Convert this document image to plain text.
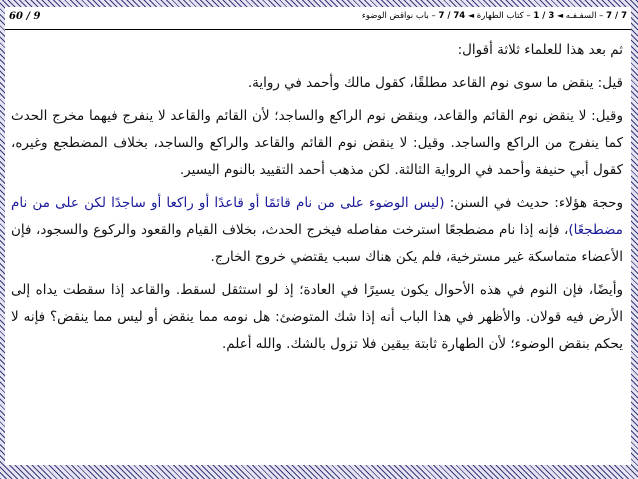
60 / 9	7 / 7 – السفـفـه ◄ 3 / 1 – كتاب الطهارة ◄ 74 / 7 – باب نواقض الوضوء

ثم بعد هذا للعلماء ثلاثة أقوال:

قيل: ينقض ما سوى نوم القاعد مطلقًا، كقول مالك وأحمد في رواية.

وقيل: لا ينقض نوم القائم والقاعد، وينقض نوم الراكع والساجد؛ لأن القائم والقاعد لا ينفرج فيهما مخرج الحدث كما ينفرج من الراكع والساجد. وقيل: لا ينقض نوم القائم والقاعد والراكع والساجد، بخلاف المضطجع وغيره، كقول أبي حنيفة وأحمد في الرواية الثالثة. لكن مذهب أحمد التقييد بالنوم اليسير.

وحجة هؤلاء: حديث في السنن: (ليس الوضوء على من نام قائمًا أو قاعدًا أو راكعا أو ساجدًا لكن على من نام مضطجعًا)، فإنه إذا نام مضطجعًا استرخت مفاصله فيخرج الحدث، بخلاف القيام والقعود والركوع والسجود، فإن الأعضاء متماسكة غير مسترخية، فلم يكن هناك سبب يقتضي خروج الخارج.

وأيضًا، فإن النوم في هذه الأحوال يكون يسيرًا في العادة؛ إذ لو استثقل لسقط. والقاعد إذا سقطت يداه إلى الأرض فيه قولان. والأظهر في هذا الباب أنه إذا شك المتوضئ: هل نومه مما ينقض أو ليس مما ينقض؟ فإنه لا يحكم بنقض الوضوء؛ لأن الطهارة ثابتة بيقين فلا تزول بالشك. والله أعلم.
